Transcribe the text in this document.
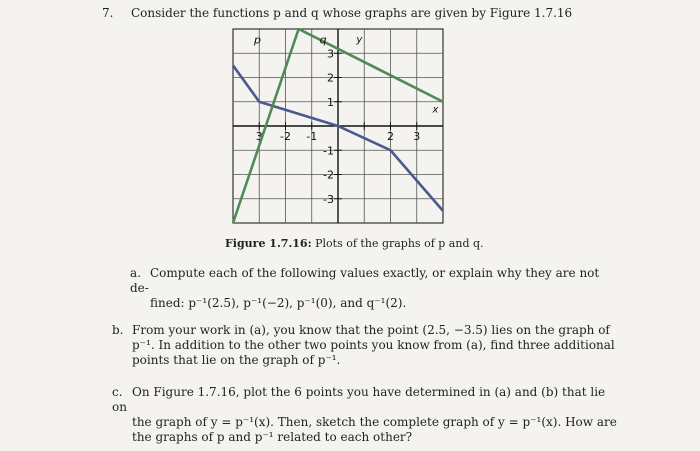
7. Consider the functions p and q whose graphs are given by Figure 1.7.16
x
y
3 -2 -1	2 3
3
2
1
-1
-2
-3
p	q
Figure 1.7.16: Plots of the graphs of p and q.
a. Compute each of the following values exactly, or explain why they are not de-
fined: p⁻¹(2.5), p⁻¹(−2), p⁻¹(0), and q⁻¹(2).
b. From your work in (a), you know that the point (2.5, −3.5) lies on the graph of
p⁻¹. In addition to the other two points you know from (a), find three additional
points that lie on the graph of p⁻¹.
c. On Figure 1.7.16, plot the 6 points you have determined in (a) and (b) that lie on
the graph of y = p⁻¹(x). Then, sketch the complete graph of y = p⁻¹(x). How are
the graphs of p and p⁻¹ related to each other?
